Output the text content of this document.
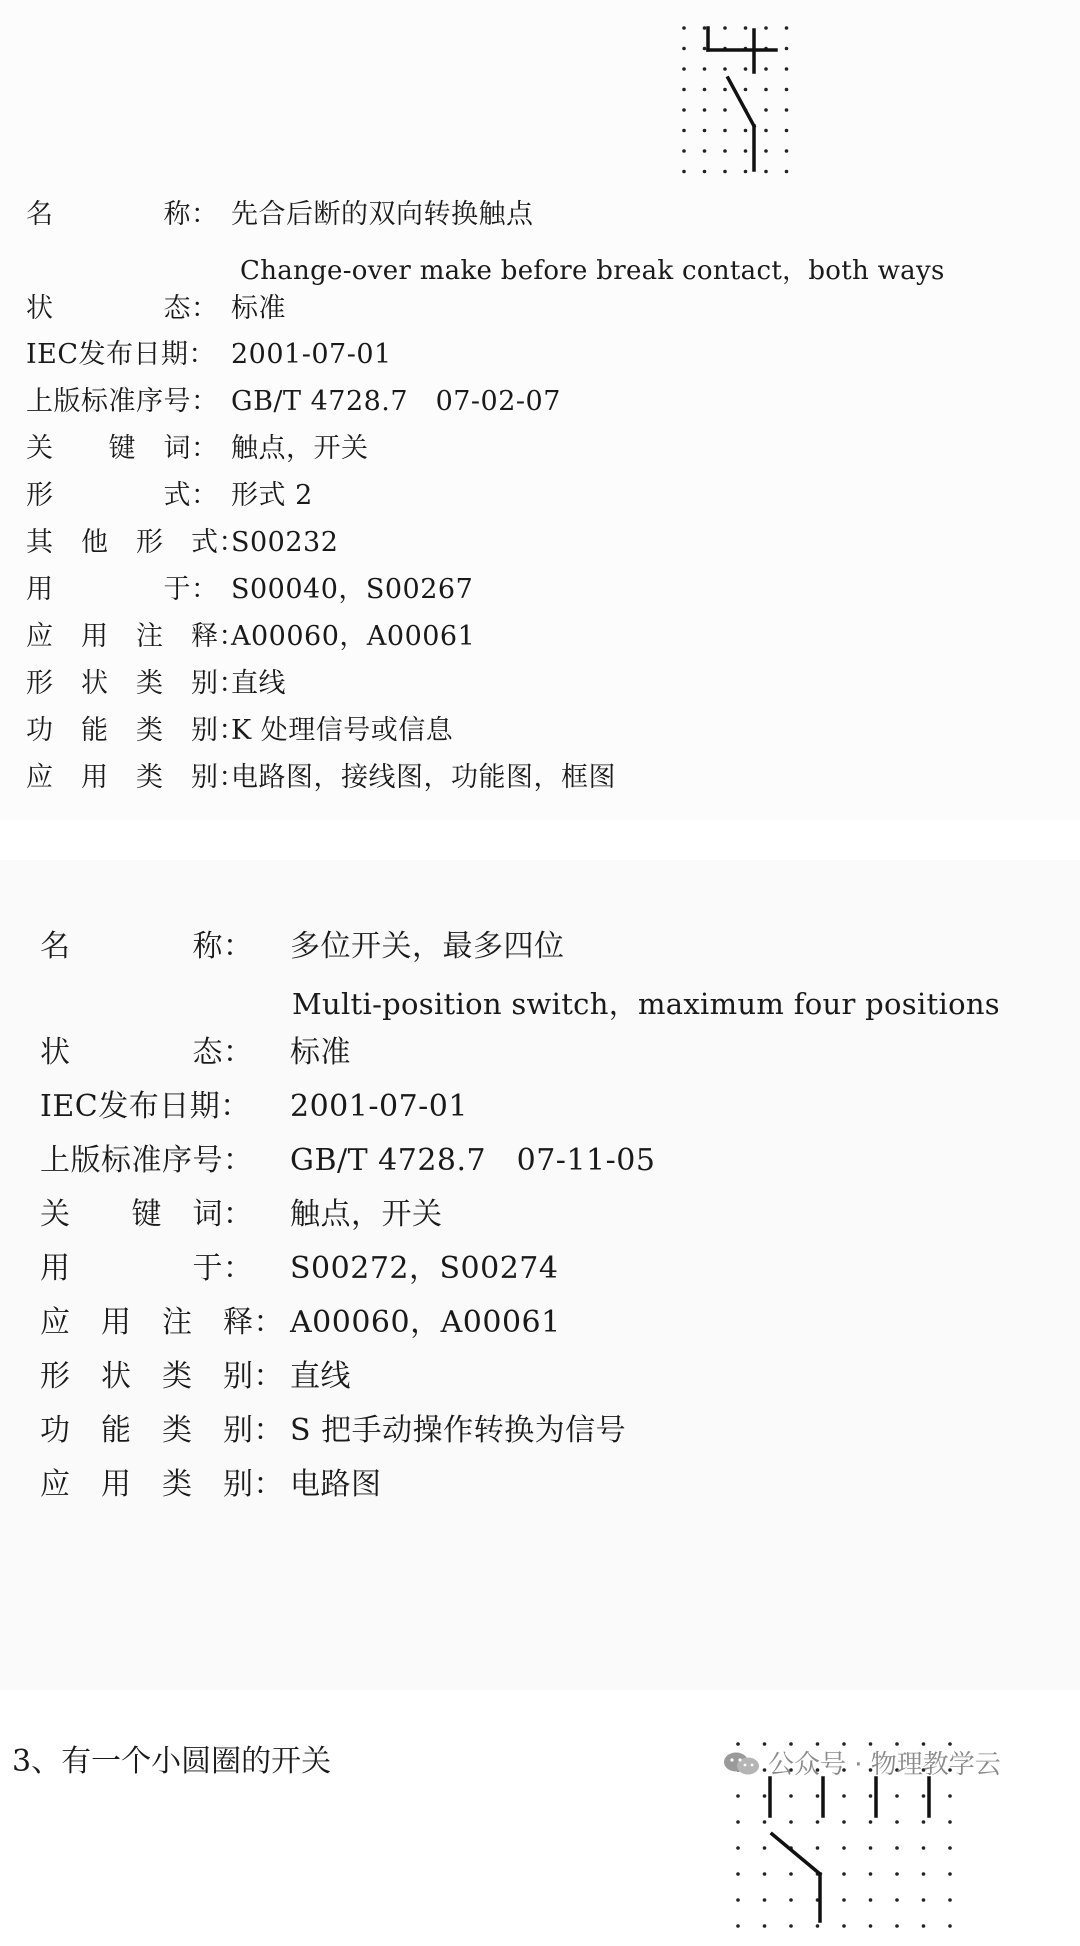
名　　　　称： 先合后断的双向转换触点
Change-over make before break contact，both ways
状　　　　态： 标准
IEC发布日期： 2001-07-01
上版标准序号： GB/T 4728.7　07-02-07
关　　键　词： 触点，开关
形　　　　式： 形式 2
其　他　形　式：S00232
用　　　　于： S00040，S00267
应　用　注　释：A00060，A00061
形　状　类　别：直线
功　能　类　别：K 处理信号或信息
应　用　类　别：电路图，接线图，功能图，框图
名　　　　称： 多位开关，最多四位
Multi-position switch，maximum four positions
状　　　　态： 标准
IEC发布日期： 2001-07-01
上版标准序号： GB/T 4728.7　07-11-05
关　　键　词： 触点，开关
用　　　　于： S00272，S00274
应　用　注　释： A00060，A00061
形　状　类　别： 直线
功　能　类　别： S 把手动操作转换为信号
应　用　类　别： 电路图
3、有一个小圆圈的开关	公众号 · 物理教学云
